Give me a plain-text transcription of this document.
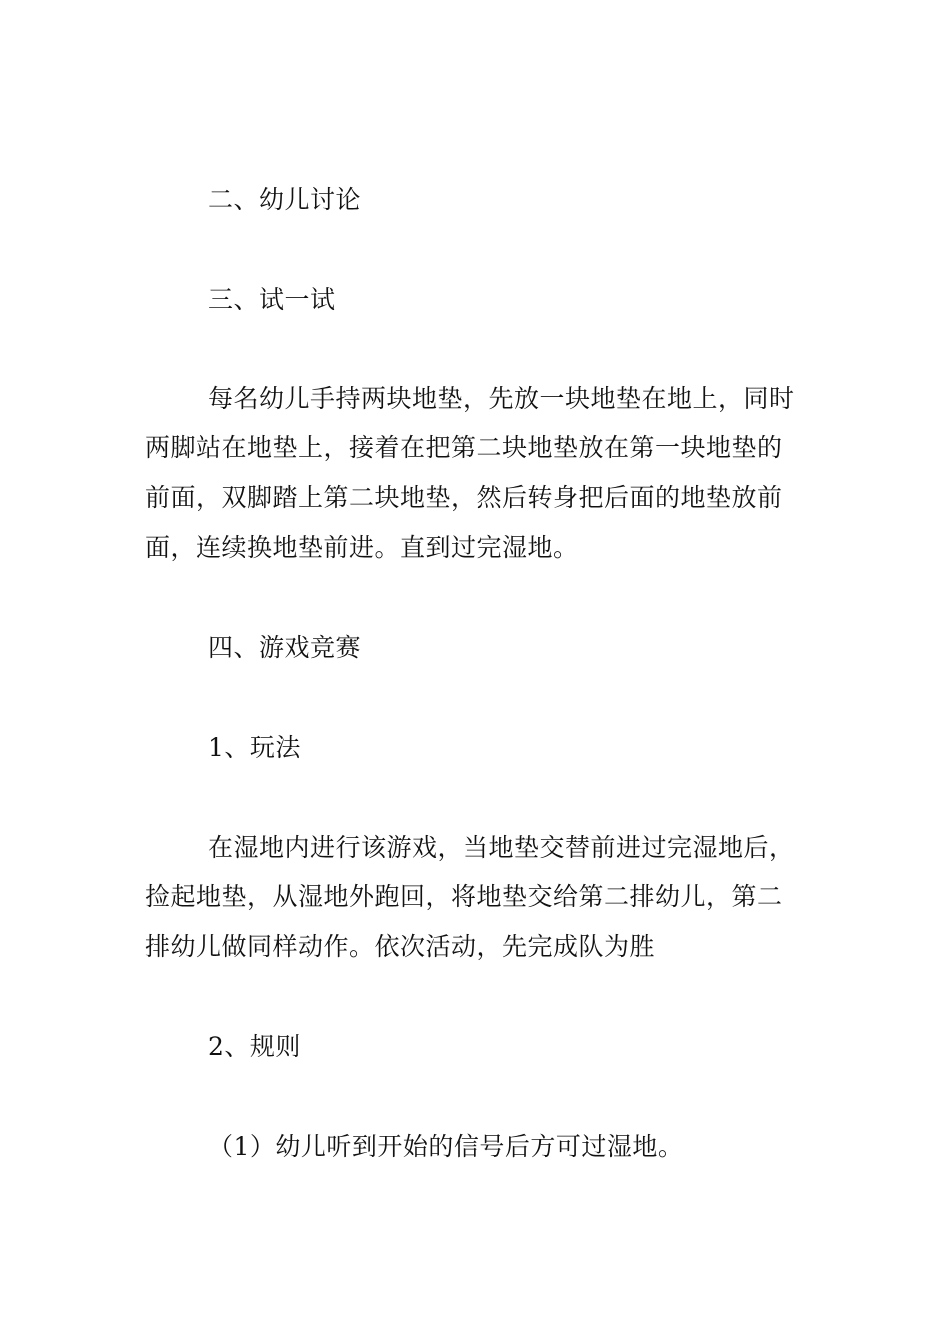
二、幼儿讨论
三、试一试
每名幼儿手持两块地垫，先放一块地垫在地上，同时
两脚站在地垫上，接着在把第二块地垫放在第一块地垫的
前面，双脚踏上第二块地垫，然后转身把后面的地垫放前
面，连续换地垫前进。直到过完湿地。
四、游戏竞赛
1、玩法
在湿地内进行该游戏，当地垫交替前进过完湿地后，
捡起地垫，从湿地外跑回，将地垫交给第二排幼儿，第二
排幼儿做同样动作。依次活动，先完成队为胜
2、规则
（1）幼儿听到开始的信号后方可过湿地。
